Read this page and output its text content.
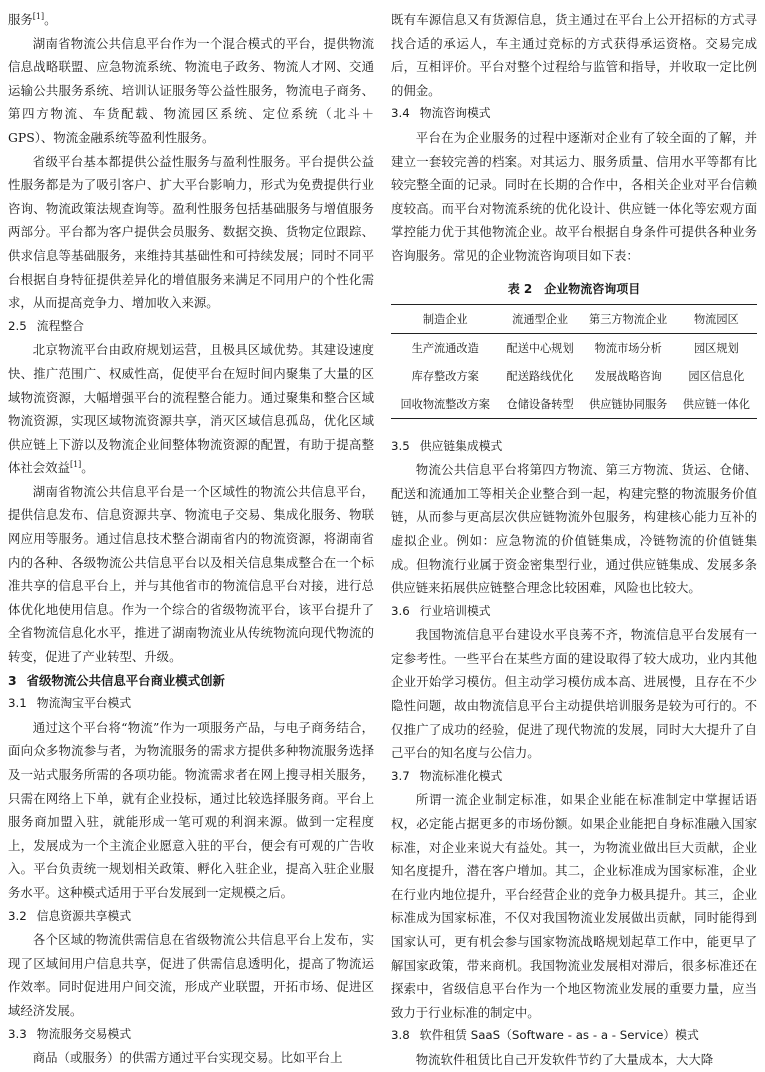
服务[1]。

湖南省物流公共信息平台作为一个混合模式的平台，提供物流信息战略联盟、应急物流系统、物流电子政务、物流人才网、交通运输公共服务系统、培训认证服务等公益性服务，物流电子商务、第四方物流、车货配载、物流园区系统、定位系统（北斗＋GPS）、物流金融系统等盈利性服务。

省级平台基本都提供公益性服务与盈利性服务。平台提供公益性服务都是为了吸引客户、扩大平台影响力，形式为免费提供行业咨询、物流政策法规查询等。盈利性服务包括基础服务与增值服务两部分。平台都为客户提供会员服务、数据交换、货物定位跟踪、供求信息等基础服务，来维持其基础性和可持续发展；同时不同平台根据自身特征提供差异化的增值服务来满足不同用户的个性化需求，从而提高竞争力、增加收入来源。

2.5 流程整合

北京物流平台由政府规划运营，且极具区域优势。其建设速度快、推广范围广、权威性高，促使平台在短时间内聚集了大量的区域物流资源，大幅增强平台的流程整合能力。通过聚集和整合区域物流资源，实现区域物流资源共享，消灭区域信息孤岛，优化区域供应链上下游以及物流企业间整体物流资源的配置，有助于提高整体社会效益[1]。

湖南省物流公共信息平台是一个区域性的物流公共信息平台，提供信息发布、信息资源共享、物流电子交易、集成化服务、物联网应用等服务。通过信息技术整合湖南省内的物流资源，将湖南省内的各种、各级物流公共信息平台以及相关信息集成整合在一个标准共享的信息平台上，并与其他省市的物流信息平台对接，进行总体优化地使用信息。作为一个综合的省级物流平台，该平台提升了全省物流信息化水平，推进了湖南物流业从传统物流向现代物流的转变，促进了产业转型、升级。

3 省级物流公共信息平台商业模式创新
3.1 物流淘宝平台模式

通过这个平台将“物流”作为一项服务产品，与电子商务结合，面向众多物流参与者，为物流服务的需求方提供多种物流服务选择及一站式服务所需的各项功能。物流需求者在网上搜寻相关服务，只需在网络上下单，就有企业投标，通过比较选择服务商。平台上服务商加盟入驻，就能形成一笔可观的利润来源。做到一定程度上，发展成为一个主流企业愿意入驻的平台，便会有可观的广告收入。平台负责统一规划相关政策、孵化入驻企业，提高入驻企业服务水平。这种模式适用于平台发展到一定规模之后。

3.2 信息资源共享模式

各个区域的物流供需信息在省级物流公共信息平台上发布，实现了区域间用户信息共享，促进了供需信息透明化，提高了物流运作效率。同时促进用户间交流，形成产业联盟，开拓市场、促进区域经济发展。

3.3 物流服务交易模式

商品（或服务）的供需方通过平台实现交易。比如平台上

既有车源信息又有货源信息，货主通过在平台上公开招标的方式寻找合适的承运人，车主通过竞标的方式获得承运资格。交易完成后，互相评价。平台对整个过程给与监管和指导，并收取一定比例的佣金。

3.4 物流咨询模式

平台在为企业服务的过程中逐渐对企业有了较全面的了解，并建立一套较完善的档案。对其运力、服务质量、信用水平等都有比较完整全面的记录。同时在长期的合作中，各相关企业对平台信赖度较高。而平台对物流系统的优化设计、供应链一体化等宏观方面掌控能力优于其他物流企业。故平台根据自身条件可提供各种业务咨询服务。常见的企业物流咨询项目如下表：

表 2 企业物流咨询项目
制造企业	流通型企业	第三方物流企业	物流园区
生产流通改造	配送中心规划	物流市场分析	园区规划
库存整改方案	配送路线优化	发展战略咨询	园区信息化
回收物流整改方案	仓储设备转型	供应链协同服务	供应链一体化
3.5 供应链集成模式

物流公共信息平台将第四方物流、第三方物流、货运、仓储、配送和流通加工等相关企业整合到一起，构建完整的物流服务价值链，从而参与更高层次供应链物流外包服务，构建核心能力互补的虚拟企业。例如：应急物流的价值链集成，冷链物流的价值链集成。但物流行业属于资金密集型行业，通过供应链集成、发展多条供应链来拓展供应链整合理念比较困难，风险也比较大。

3.6 行业培训模式

我国物流信息平台建设水平良莠不齐，物流信息平台发展有一定参考性。一些平台在某些方面的建设取得了较大成功，业内其他企业开始学习模仿。但主动学习模仿成本高、进展慢，且存在不少隐性问题，故由物流信息平台主动提供培训服务是较为可行的。不仅推广了成功的经验，促进了现代物流的发展，同时大大提升了自己平台的知名度与公信力。

3.7 物流标准化模式

所谓一流企业制定标准，如果企业能在标准制定中掌握话语权，必定能占据更多的市场份额。如果企业能把自身标准融入国家标准，对企业来说大有益处。其一，为物流业做出巨大贡献，企业知名度提升，潜在客户增加。其二，企业标准成为国家标准，企业在行业内地位提升，平台经营企业的竞争力极具提升。其三，企业标准成为国家标准，不仅对我国物流业发展做出贡献，同时能得到国家认可，更有机会参与国家物流战略规划起草工作中，能更早了解国家政策，带来商机。我国物流业发展相对滞后，很多标准还在探索中，省级信息平台作为一个地区物流业发展的重要力量，应当致力于行业标准的制定中。

3.8 软件租赁 SaaS（Software - as - a - Service）模式

物流软件租赁比自己开发软件节约了大量成本，大大降
